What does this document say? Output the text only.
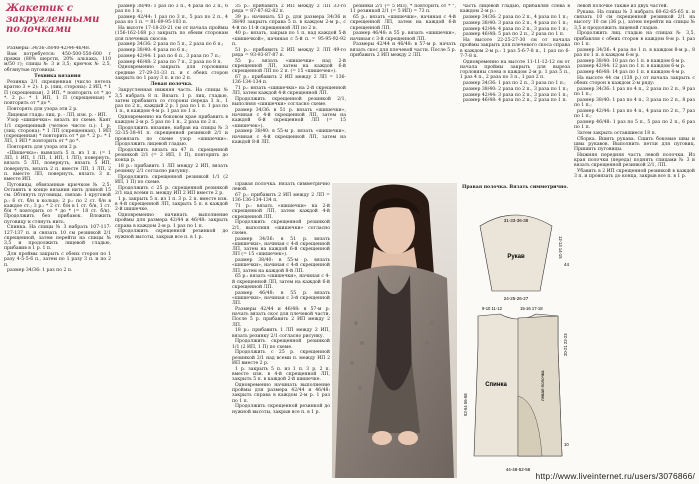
Жакетик с закругленными полочками

Размеры: 34/36-38/40-42/44-46/48.

Вам потребуется: 450-500-550-600 г пряжи (80% шерсти, 20% альпака, 110 м/50 г); спицы № 3 и 3,5; крючок № 2,5, обтянутые пуговицы.

Техника вязания

Резинка 2/1 скрещенная (число петель кратно 3 + 2): 1 р. (лиц. сторона): 2 ИП, * 1 П (скрещенная), 2 ИП, * повторить от * до *. 2 р.: * 1 ИП, 1 П (скрещенная) * повторить от * до *.

Повторять для узора эти 2 р.

Лицевая гладь: лиц. р. - ЛП, изн. р. - ИП.

Узор «шишечки»: вязать по схеме. Кант 1/1 скрещенный (четное число п.): 1 р. (лиц. сторона): * 1 ЛП (скрещенная), 1 ИП (скрещенная) * повторить от * до *. 2 р.: * 1 ЛП, 1 ИП * повторить от * до *.

Повторять для узора эти 2 р.

«Шишечка»: вывязать 5 п. из 1 п. (= 1 ЛП, 1 ИП, 1 ЛП, 1 ИП, 1 ЛП), повернуть, вязать 5 ЛП, повернуть, вязать 5 ИП, повернуть, вязать 2 п. вместе ЛП, 1 ЛП, 2 п. вместе ЛП, повернуть, вязать 3 п. вместе ИП.

Пуговицы, обвязанные крючком № 2,5: Оставить в конце вязания нить длиной 15 см. Обтянуть пуговицы, связав: 1 круговой р.: 6 ст. б/н в кольцо; 2 р.: по 2 ст. б/н в каждое ст.; 3 р.: * 2 ст. б/н в 1 ст. б/н, 1 ст. б/н * повторить от * до * (= 18 ст. б/н). Продолжить без прибавок. Вложить пуговицу и стянуть нить.

Спинка. На спицы № 3 набрать 107-117-127-137 п. и связать 10 см резинкой 2/1 скрещенной, затем перейти на спицы № 3,5 и продолжить лицевой гладью, прибавив в 1 р. 1 п.

Для проймы закрыть с обеих сторон по 1 разу 4-5-5-6 п., затем по 1 разу 3 п. и по 2 п.

размер 34/36: 1 раз по 2 п.

размер 38/40: 1 раз по 3 п., 4 раза по 2 п., 6 раз по 1 п.;

размер 42/44: 1 раз по 3 п., 5 раз по 2 п., 4 раза по 1 п. = 81-89-95-103 п.

На высоте 17-18-20-21 см от начала проймы (156-162-168 р.) закрыть по обеим сторонам для плечевых скосов:

размер 34/36: 2 раза по 5 п., 2 раза по 6 п.;

размер 38/40: 4 раза по 6 п.;

размер 42/44: 1 раз по 6 п., 3 раза по 7 п.;

размер 46/48: 2 раза по 7 п., 2 раза по 8 п.

Одновременно закрыть для горловины средние 27-29-31-33 п. и с обеих сторон закрыть по 1 разу 3 п. и по 2 п.

Левая полочка.

Закругленная нижняя часть. На спицы № 3,5 набрать 8 п. Вязать 1 р. лиц. гладью, затем прибавить со стороны переда 3 п., 1 раз по 2 п., каждый 2 р. 1 раз по 1 п. 1 раз по 1 п., в каждом 4-м р. 1 раз по 1 п.

Одновременно на боковом крае прибавить в каждом 2-м р. 5 раз по 1 п., 2 раза по 2 п.

Продолжить вязание, набрав на спицы № 3 32-35-38-41 п. скрещенной резинкой 2/1 и провязать по схеме узор «шишечки». Продолжить лицевой гладью.

Продолжить вязать на 47 п. скрещенной резинкой 2/1 (= 2 ИП, 1 П), повторить до конца р.

18 р.: прибавить 1 ЛП между 2 ИП, вязать резинку 2/1 согласно рисунку.

Продолжить скрещенной резинкой 1/1 (2 ИП, 1 П) по схеме.

Продолжить с 25 р. скрещенной резинкой 2/1 над всеми п. между ИП 2 ИП вместе 2 р.

1 р. закрыть 5 п. из 1 п. 3 р. 2 п. вместе изн. в 4-й скрещенной ЛП, закрыть 5 п. в каждой 2-й шишечке.

Одновременно начинать выполнение проймы для размера 42/44 и 46/48: закрыть справа в каждом 2-м р. 1 раз по 1 п.

Продолжить скрещенной резинкой до нужной высоты, закрыв все п. в 1 р.

35 р.: прибавить 2 ИП между 2 ЛП 33-го ряда = 87-87-82-82 п.

39 р.: начинать 53 р. для размера 34/36 и 38/40 закрыть справа 5 п. в каждом 2-м р., с 4-й по 11-й скрещенной ЛП по 2 п.

40 р.: вязать, закрыв по 1 п. над каждой 5-й «шишечкой», начиная с 5-й п. = 95-95-92-92 п.

51 р.: прибавить 2 ИП между 2 ЛП 49-го ряда = 93-93-87-87 п.

55 р.: вязать «шишечки» над 2-й скрещенной ЛП, затем на каждой 6-й скрещенной ЛП по 2 п. (= 15 «шишечек»).

67 р.: прибавить 2 ИП между 2 ЛП = 136-136-134-134 п.

71 р.: вязать «шишечки» на 2-й скрещенной ЛП, затем каждой 4-й скрещенной ЛП.

Продолжить скрещенной резинкой 2/1, выполняя «шишечки» согласно схеме.

размер 34/36: в 51 р. вязать «шишечки», начиная с 4-й скрещенной ЛП, затем на каждой 6-й скрещенной ЛП (= 15 «шишечек»).

размер 38/40: в 55-м р. вязать «шишечки», начиная с 4-й скрещенной ЛП, затем на каждой 8-й ЛП.

резинки 2/1 (= 5 ИП), * повторить от * ", 11 резинкой 2/1 (= 5 ИП) = 73 п.

65 р.: вязать «шишечки», начиная с 4-й скрещенной ЛП, затем на каждой 6-й скрещенной ЛП.

размер 46/48: в 55 р. вязать «шишечки», начиная с 3-й скрещенной ЛП.

Размеры 42/44 и 46/48: в 57-м р. начать вязать скос для плечевой части. После 5 р. прибавить 2 ИП между 2 ЛП.

часть лицевой гладью, прибавляя слева в каждом 2-м р.:

размер 34/36: 2 раза по 2 п., 4 раза по 1 п.;

размер 38/40: 3 раза по 2 п., 4 раза по 1 п.;

размер 42/44: 4 раза по 2 п., 3 раза по 1 п.;

размер 46/48: 5 раз по 2 п., 2 раза по 1 п.

На высоте 22-25-27-30 см от начала проймы закрыть для плечевого скоса справа в каждом 2-м р.: 1 раз 5-6-7-8 п., 1 раз по 6-7-7-8 п.

Одновременно на высоте 11-11-12-12 см от начала проймы закрыть для выреза горловины слева в каждом 2-м р. 1 раз 5 п., 1 раз 4 п., 2 раза по 3 п., 1 раз 2 п.

размер 34/36: 1 раз по 2 п., 3 раза по 1 п.;

размер 38/40: 2 раза по 2 п., 3 раза по 1 п.;

размер 42/44: 3 раза по 2 п., 3 раза по 1 п.;

размер 46/48: 4 раза по 2 п., 2 раза по 1 п.

левой полочке также из двух частей.

Рукава. На спицы № 3 набрать 60-62-65-65 п. и связать 10 см скрещенной резинкой 2/1 на высоту 10 см (36 р.), затем перейти на спицы № 3,5 и продолжить лицевой гладью.

Продолжить лиц. гладью на спицах № 3,5, прибавляя с обеих сторон в каждом 8-м р. 1 раз по 1 п.

размер 34/36: 4 раза по 1 п. в каждом 8-м р., 8 раз по 1 п. в каждом 6-м р.

размер 38/40: 10 раз по 1 п. в каждом 6-м р.

размер 42/44: 12 раз по 1 п. в каждом 6-м р.

размер 46/48: 14 раз по 1 п. в каждом 4-м р.

На высоте 44 см (138 р.) от начала закрыть с обеих сторон в каждом 2-м ряду:

размер 34/36: 1 раз по 4 п., 2 раза по 2 п., 9 раз по 1 п.;

размер 38/40: 1 раз по 4 п., 3 раза по 2 п., 8 раз по 1 п.;

размер 42/44: 1 раз по 4 п., 4 раза по 2 п., 7 раз по 1 п.;

размер 46/48: 1 раз по 5 п., 5 раз по 2 п., 6 раз по 1 п.

Затем закрыть оставшиеся 18 п.

Сборка. Вшить рукава. Сшить боковые швы и швы рукавов. Выполнить петли для пуговиц. Пришить пуговицы.

Нижняя передняя часть левой полочки. Из края полочки (переда) поднять спицами № 3 и вязать скрещенной резинкой 2/1, ЛП.

Убавить в 2 ИП скрещенной резинкой в каждой 3 п. и провязать до конца, закрыв все п. в 1 р.

Правая полочка. Вязать симметрично левой.

67 р.: прибавить 2 ИП между 2 ЛП = 136-136-134-134 п.

71 р.: вязать «шишечки» на 2-й скрещенной ЛП, затем каждой 4-й скрещенной ЛП.

Продолжить скрещенной резинкой 2/1, выполняя «шишечки» согласно схеме.

размер 34/36: в 51 р. вязать «шишечки», начиная с 4-й скрещенной ЛП, затем на каждой 6-й скрещенной ЛП (= 15 «шишечек»).

размер 38/40: в 55-м р. вязать «шишечки», начиная с 4-й скрещенной ЛП, затем на каждой 8-й ЛП.

65 р.: вязать «шишечки», начиная с 4-й скрещенной ЛП, затем на каждой 6-й скрещенной ЛП.

размер 46/48: в 55 р. вязать «шишечки», начиная с 3-й скрещенной ЛП.

Размеры 42/44 и 46/48: в 57-м р. начать вязать скос для плечевой части. После 5 р. прибавить 2 ИП между 2 ЛП.

18 р.: прибавить 1 ЛП между 2 ИП, вязать резинку 2/1 согласно рисунку.

Продолжить скрещенной резинкой 1/1 (2 ИП, 1 П) по схеме.

Продолжить с 25 р. скрещенной резинкой 2/1 над всеми п. между ИП 2 ИП вместе 2 р.

1 р. закрыть 5 п. из 1 п. 3 р. 2 п. вместе изн. в 4-й скрещенной ЛП, закрыть 5 п. в каждой 2-й шишечке.

Одновременно начинать выполнение проймы для размера 42/44 и 46/48: закрыть справа в каждом 2-м р. 1 раз по 1 п.

Продолжить скрещенной резинкой до нужной высоты, закрыв все п. в 1 р.

Правая полочка. Вязать симметрично.

Рукав
31-33-36-38
24-25-26-27
12-13 14-15
44
Спинка	левая полочка
9-10 11-12	15-16 17-18
52-54 56-58
20-21 22-23
44-48-52-56
10
http://www.liveinternet.ru/users/3076866/
